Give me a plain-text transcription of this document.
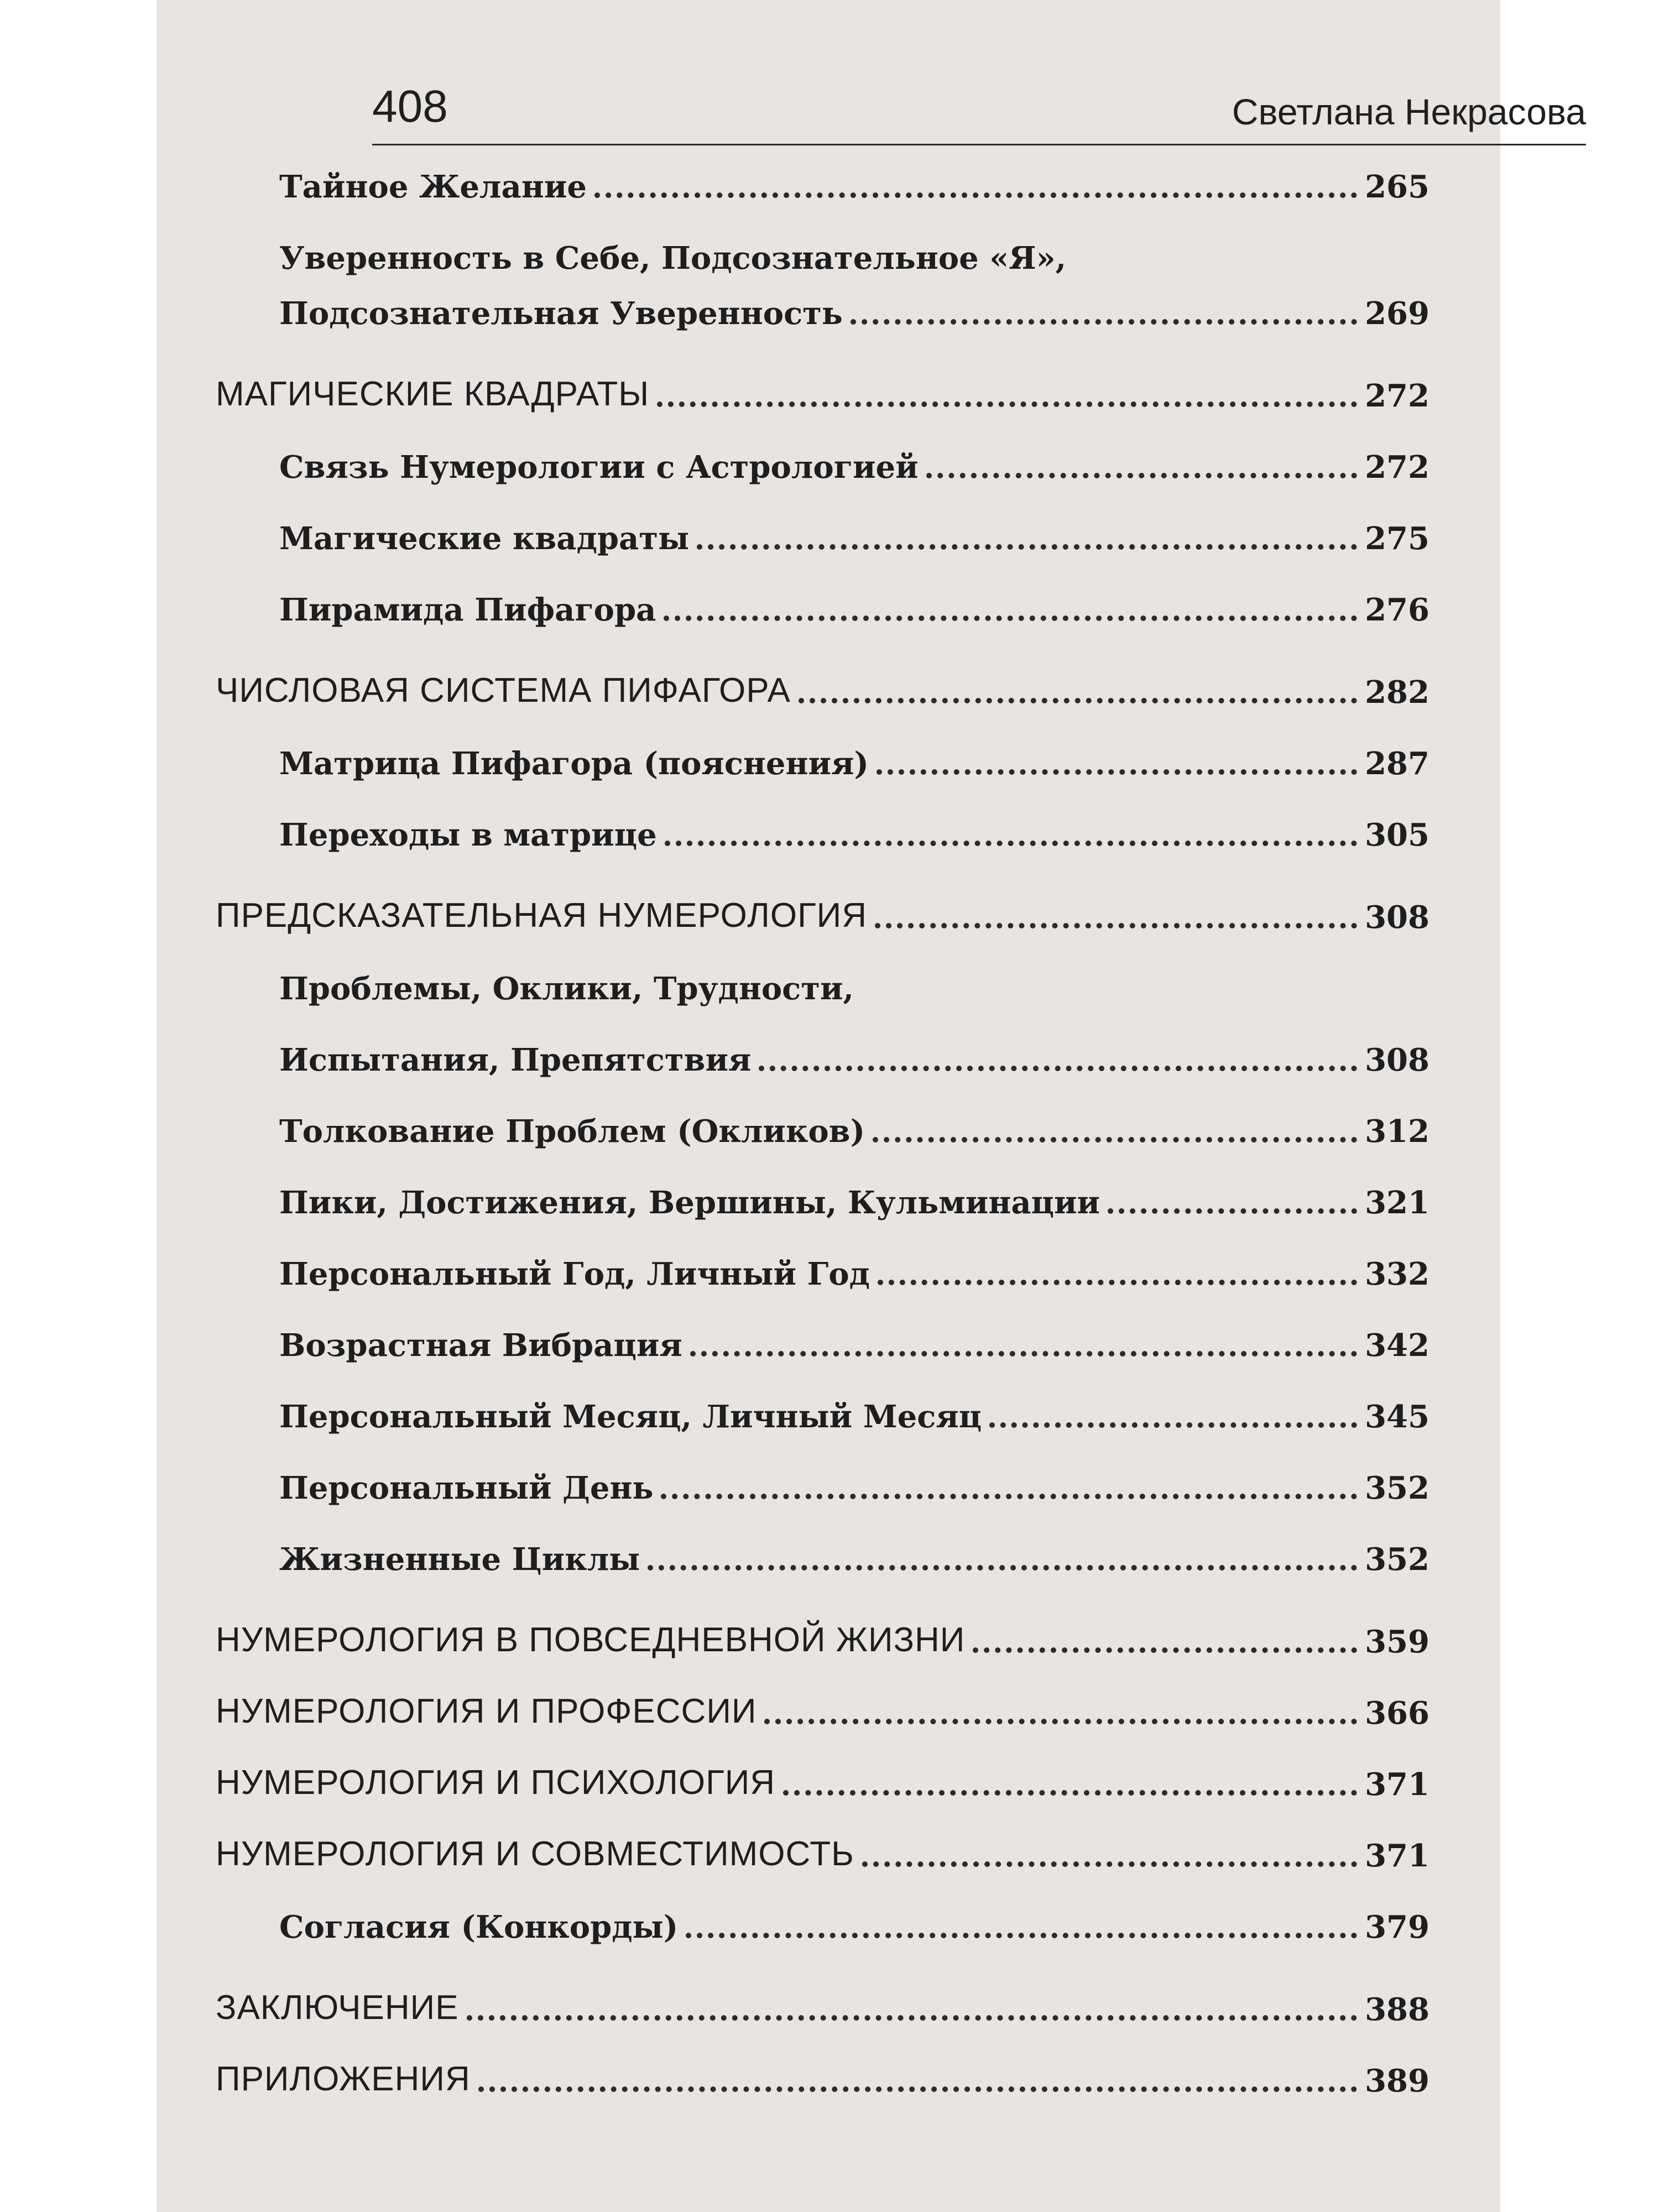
408	Светлана Некрасова
Тайное Желание	265
Уверенность в Себе, Подсознательное «Я»,
Подсознательная Уверенность	269
МАГИЧЕСКИЕ КВАДРАТЫ	272
Связь Нумерологии с Астрологией	272
Магические квадраты	275
Пирамида Пифагора	276
ЧИСЛОВАЯ СИСТЕМА ПИФАГОРА	282
Матрица Пифагора (пояснения)	287
Переходы в матрице	305
ПРЕДСКАЗАТЕЛЬНАЯ НУМЕРОЛОГИЯ	308
Проблемы, Оклики, Трудности,
Испытания, Препятствия	308
Толкование Проблем (Окликов)	312
Пики, Достижения, Вершины, Кульминации	321
Персональный Год, Личный Год	332
Возрастная Вибрация	342
Персональный Месяц, Личный Месяц	345
Персональный День	352
Жизненные Циклы	352
НУМЕРОЛОГИЯ В ПОВСЕДНЕВНОЙ ЖИЗНИ	359
НУМЕРОЛОГИЯ И ПРОФЕССИИ	366
НУМЕРОЛОГИЯ И ПСИХОЛОГИЯ	371
НУМЕРОЛОГИЯ И СОВМЕСТИМОСТЬ	371
Согласия (Конкорды)	379
ЗАКЛЮЧЕНИЕ	388
ПРИЛОЖЕНИЯ	389
